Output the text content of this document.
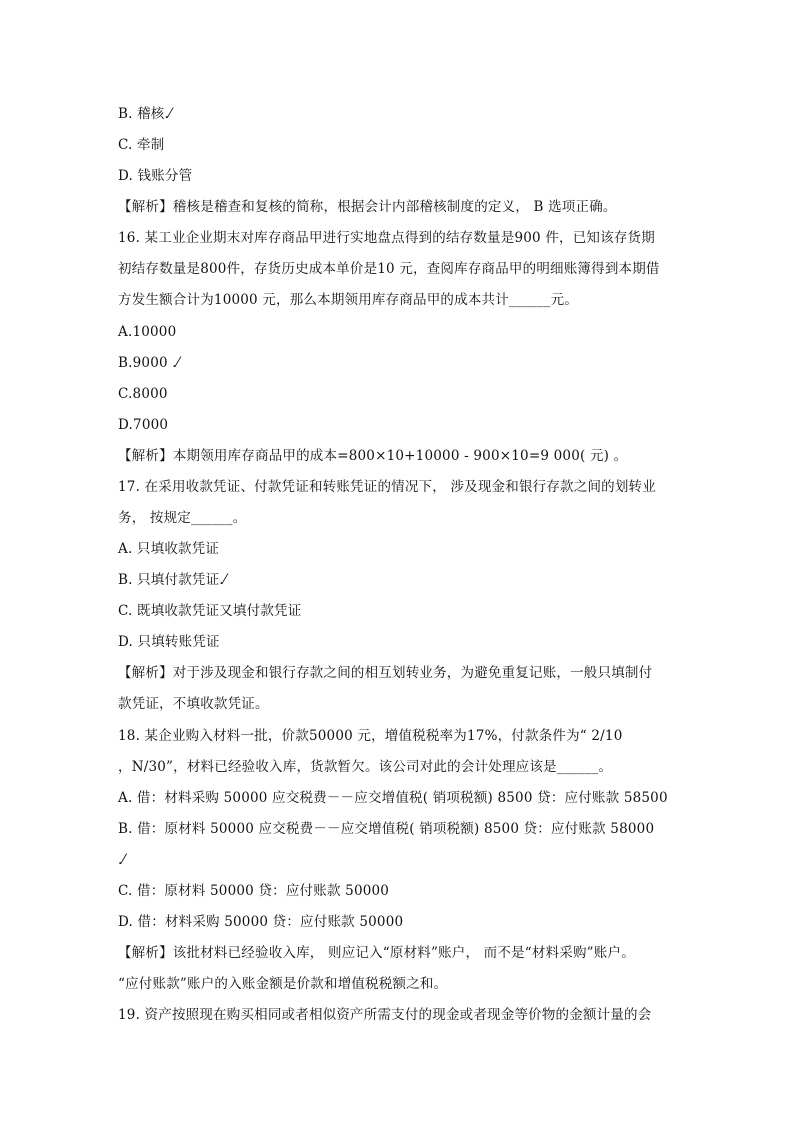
B. 稽核.⁄
C. 牵制
D. 钱账分管
【解析】稽核是稽查和复核的简称，根据会计内部稽核制度的定义， B 选项正确。
16. 某工业企业期末对库存商品甲进行实地盘点得到的结存数量是900 件，已知该存货期
初结存数量是800件，存货历史成本单价是10 元，查阅库存商品甲的明细账簿得到本期借
方发生额合计为10000 元，那么本期领用库存商品甲的成本共计______元。
A.10000
B.9000 .⁄
C.8000
D.7000
【解析】本期领用库存商品甲的成本=800×10+10000 - 900×10=9 000( 元) 。
17. 在采用收款凭证、付款凭证和转账凭证的情况下， 涉及现金和银行存款之间的划转业
务， 按规定______。
A. 只填收款凭证
B. 只填付款凭证.⁄
C. 既填收款凭证又填付款凭证
D. 只填转账凭证
【解析】对于涉及现金和银行存款之间的相互划转业务，为避免重复记账，一般只填制付
款凭证，不填收款凭证。
18. 某企业购入材料一批，价款50000 元，增值税税率为17%，付款条件为“ 2/10
，N/30”，材料已经验收入库，货款暂欠。该公司对此的会计处理应该是______。
A. 借：材料采购 50000 应交税费－－应交增值税( 销项税额) 8500 贷：应付账款 58500
B. 借：原材料 50000 应交税费－－应交增值税( 销项税额) 8500 贷：应付账款 58000
.⁄
C. 借：原材料 50000 贷：应付账款 50000
D. 借：材料采购 50000 贷：应付账款 50000
【解析】该批材料已经验收入库， 则应记入“原材料”账户， 而不是“材料采购”账户。
“应付账款”账户的入账金额是价款和增值税税额之和。
19. 资产按照现在购买相同或者相似资产所需支付的现金或者现金等价物的金额计量的会
